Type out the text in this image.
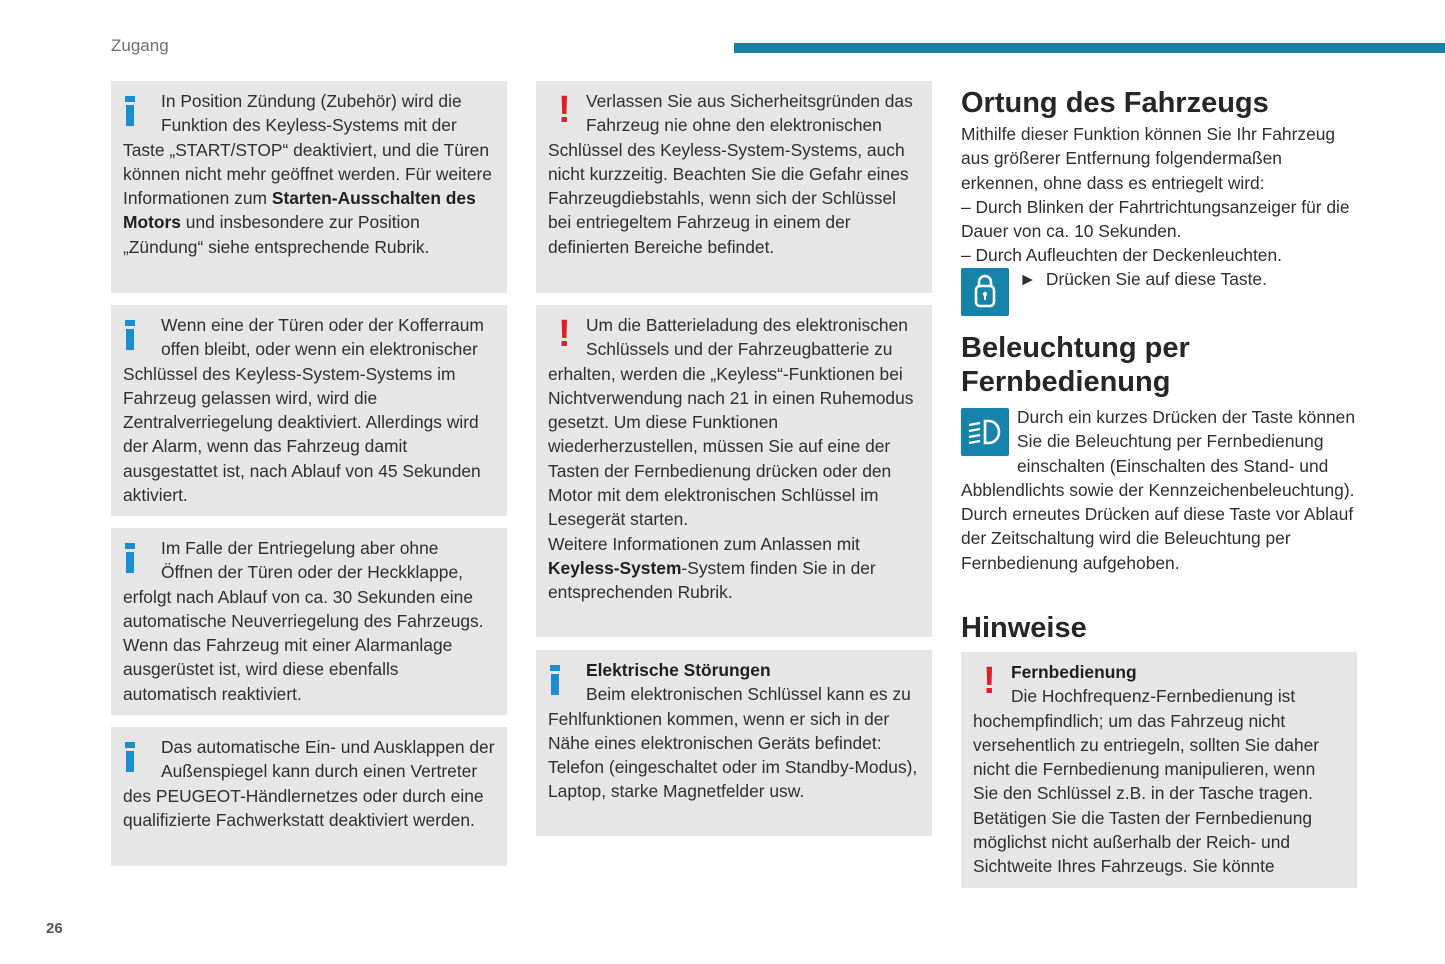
Zugang

In Position Zündung (Zubehör) wird die Funktion des Keyless-Systems mit der Taste „START/STOP“ deaktiviert, und die Türen können nicht mehr geöffnet werden. Für weitere Informationen zum Starten-Ausschalten des Motors und insbesondere zur Position „Zündung“ siehe entsprechende Rubrik.

Wenn eine der Türen oder der Kofferraum offen bleibt, oder wenn ein elektronischer Schlüssel des Keyless-System-Systems im Fahrzeug gelassen wird, wird die Zentralverriegelung deaktiviert. Allerdings wird der Alarm, wenn das Fahrzeug damit ausgestattet ist, nach Ablauf von 45 Sekunden aktiviert.

Im Falle der Entriegelung aber ohne Öffnen der Türen oder der Heckklappe, erfolgt nach Ablauf von ca. 30 Sekunden eine automatische Neuverriegelung des Fahrzeugs. Wenn das Fahrzeug mit einer Alarmanlage ausgerüstet ist, wird diese ebenfalls automatisch reaktiviert.

Das automatische Ein- und Ausklappen der Außenspiegel kann durch einen Vertreter des PEUGEOT-Händlernetzes oder durch eine qualifizierte Fachwerkstatt deaktiviert werden.

! Verlassen Sie aus Sicherheitsgründen das Fahrzeug nie ohne den elektronischen Schlüssel des Keyless-System-Systems, auch nicht kurzzeitig. Beachten Sie die Gefahr eines Fahrzeugdiebstahls, wenn sich der Schlüssel bei entriegeltem Fahrzeug in einem der definierten Bereiche befindet.

! Um die Batterieladung des elektronischen Schlüssels und der Fahrzeugbatterie zu erhalten, werden die „Keyless“-Funktionen bei Nichtverwendung nach 21 in einen Ruhemodus gesetzt. Um diese Funktionen wiederherzustellen, müssen Sie auf eine der Tasten der Fernbedienung drücken oder den Motor mit dem elektronischen Schlüssel im Lesegerät starten.

Weitere Informationen zum Anlassen mit Keyless-System-System finden Sie in der entsprechenden Rubrik.

Elektrische Störungen

Beim elektronischen Schlüssel kann es zu Fehlfunktionen kommen, wenn er sich in der Nähe eines elektronischen Geräts befindet: Telefon (eingeschaltet oder im Standby-Modus), Laptop, starke Magnetfelder usw.

Ortung des Fahrzeugs

Mithilfe dieser Funktion können Sie Ihr Fahrzeug aus größerer Entfernung folgendermaßen erkennen, ohne dass es entriegelt wird:

– Durch Blinken der Fahrtrichtungsanzeiger für die Dauer von ca. 10 Sekunden.

– Durch Aufleuchten der Deckenleuchten.

► Drücken Sie auf diese Taste.

Beleuchtung per Fernbedienung

Durch ein kurzes Drücken der Taste können Sie die Beleuchtung per Fernbedienung einschalten (Einschalten des Stand- und Abblendlichts sowie der Kennzeichenbeleuchtung).

Durch erneutes Drücken auf diese Taste vor Ablauf der Zeitschaltung wird die Beleuchtung per Fernbedienung aufgehoben.

Hinweise
! Fernbedienung

Die Hochfrequenz-Fernbedienung ist hochempfindlich; um das Fahrzeug nicht versehentlich zu entriegeln, sollten Sie daher nicht die Fernbedienung manipulieren, wenn Sie den Schlüssel z.B. in der Tasche tragen. Betätigen Sie die Tasten der Fernbedienung möglichst nicht außerhalb der Reich- und Sichtweite Ihres Fahrzeugs. Sie könnte

26
